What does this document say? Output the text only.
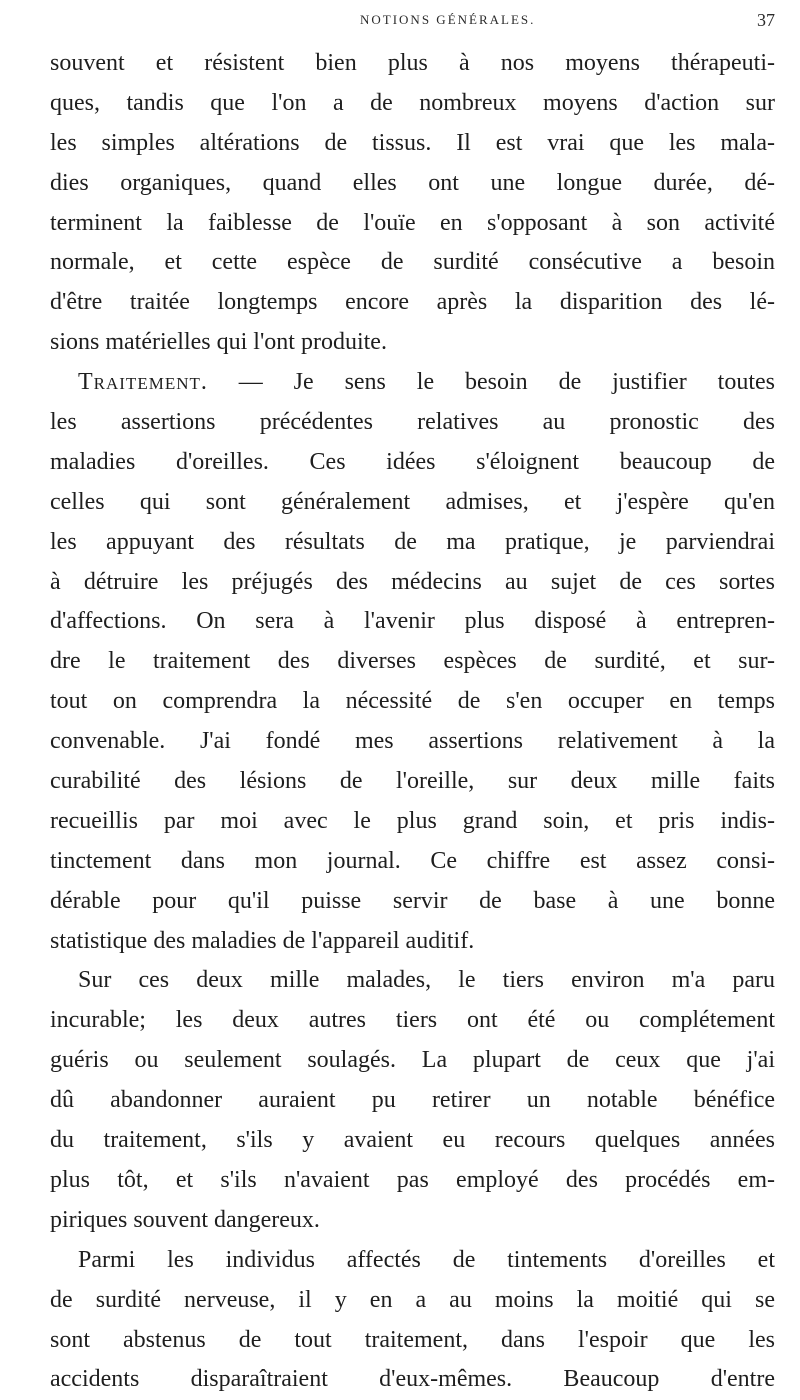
NOTIONS GÉNÉRALES.	37
souvent et résistent bien plus à nos moyens thérapeuti-
ques, tandis que l'on a de nombreux moyens d'action sur
les simples altérations de tissus. Il est vrai que les mala-
dies organiques, quand elles ont une longue durée, dé-
terminent la faiblesse de l'ouïe en s'opposant à son activité
normale, et cette espèce de surdité consécutive a besoin
d'être traitée longtemps encore après la disparition des lé-
sions matérielles qui l'ont produite.
Traitement. — Je sens le besoin de justifier toutes
les assertions précédentes relatives au pronostic des
maladies d'oreilles. Ces idées s'éloignent beaucoup de
celles qui sont généralement admises, et j'espère qu'en
les appuyant des résultats de ma pratique, je parviendrai
à détruire les préjugés des médecins au sujet de ces sortes
d'affections. On sera à l'avenir plus disposé à entrepren-
dre le traitement des diverses espèces de surdité, et sur-
tout on comprendra la nécessité de s'en occuper en temps
convenable. J'ai fondé mes assertions relativement à la
curabilité des lésions de l'oreille, sur deux mille faits
recueillis par moi avec le plus grand soin, et pris indis-
tinctement dans mon journal. Ce chiffre est assez consi-
dérable pour qu'il puisse servir de base à une bonne
statistique des maladies de l'appareil auditif.
Sur ces deux mille malades, le tiers environ m'a paru
incurable; les deux autres tiers ont été ou complétement
guéris ou seulement soulagés. La plupart de ceux que j'ai
dû abandonner auraient pu retirer un notable bénéfice
du traitement, s'ils y avaient eu recours quelques années
plus tôt, et s'ils n'avaient pas employé des procédés em-
piriques souvent dangereux.
Parmi les individus affectés de tintements d'oreilles et
de surdité nerveuse, il y en a au moins la moitié qui se
sont abstenus de tout traitement, dans l'espoir que les
accidents disparaîtraient d'eux-mêmes. Beaucoup d'entre
